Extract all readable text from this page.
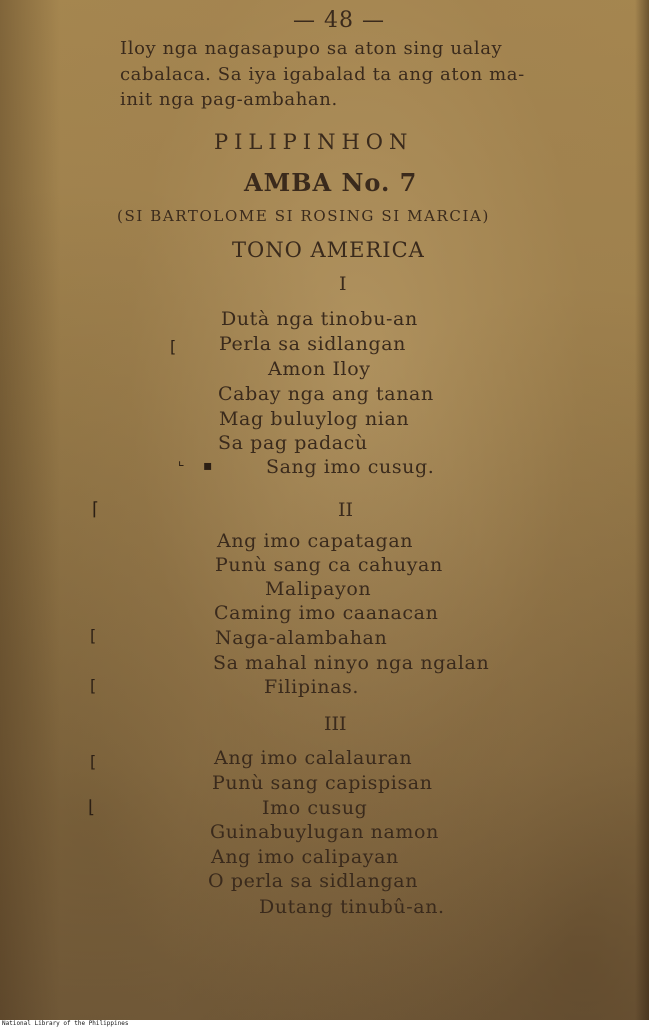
— 48 —
Iloy nga nagasapupo sa aton sing ualay
cabalaca. Sa iya igabalad ta ang aton ma-
init nga pag-ambahan.
PILIPINHON
AMBA No. 7
(SI BARTOLOME SI ROSING SI MARCIA)
TONO AMERICA
I
Dutà nga tinobu-an
Perla sa sidlangan
Amon Iloy
Cabay nga ang tanan
Mag buluylog nian
Sa pag padacù
Sang imo cusug.
II
Ang imo capatagan
Punù sang ca cahuyan
Malipayon
Caming imo caanacan
Naga-alambahan
Sa mahal ninyo nga ngalan
Filipinas.
III
Ang imo calalauran
Punù sang capispisan
Imo cusug
Guinabuylugan namon
Ang imo calipayan
O perla sa sidlangan
Dutang tinubû-an.
[
⌞ ▪
⌈
[
[
[
⌊
National Library of the Philippines
